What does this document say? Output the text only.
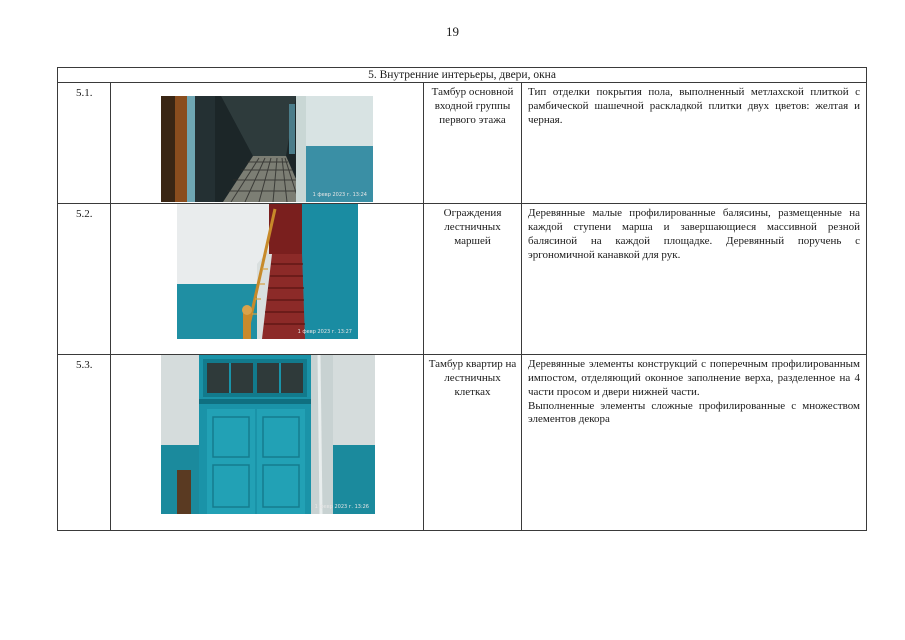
19
5. Внутренние интерьеры, двери, окна			
5.1.	1 февр 2023 г. 13:24	Тамбур основной входной группы первого этажа	Тип отделки покрытия пола, выполненный метлахской плиткой с рамбической шашечной раскладкой плитки двух цветов: желтая и черная.

5.2.	1 февр 2023 г. 13:27	Ограждения лестничных маршей	Деревянные малые профилированные балясины, размещенные на каждой ступени марша и завершающиеся массивной резной балясиной на каждой площадке. Деревянный поручень с эргономичной канавкой для рук.

5.3.	1 февр 2023 г. 13:26	Тамбур квартир на лестничных клетках	Деревянные элементы конструкций с поперечным профилированным импостом, отделяющий оконное заполнение верха, разделенное на 4 части просом и двери нижней части.
Выполненные элементы сложные профилированные с множеством элементов декора
